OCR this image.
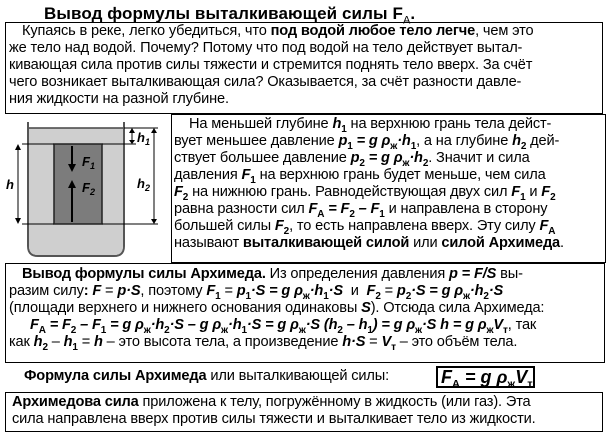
Вывод формулы выталкивающей силы $F_A$.
Купаясь в реке, легко убедиться, что под водой любое тело легче, чем это
же тело над водой. Почему? Потому что под водой на тело действует вытал-
кивающая сила против силы тяжести и стремится поднять тело вверх. За счёт
чего возникает выталкивающая сила? Оказывается, за счёт разности давле-
ния жидкости на разной глубине.
$F_1$
$F_2$
h
$h_1$
$h_2$
На меньшей глубине $h_1$ на верхнюю грань тела дейст-
вует меньшее давление $p_1 = g$ $\rho_ж\cdot h_1$, а на глубине $h_2$ дей-
ствует большее давление $p_2 = g$ $\rho_ж\cdot h_2$. Значит и сила
давления $F_1$ на верхнюю грань будет меньше, чем сила
$F_2$ на нижнюю грань. Равнодействующая двух сил $F_1$ и $F_2$
равна разности сил $F_А = F_2 - F_1$ и направлена в сторону
большей силы $F_2$, то есть направлена вверх. Эту силу $F_А$
называют выталкивающей силой или силой Архимеда.
Вывод формулы силы Архимеда. Из определения давления p = F/S вы-
разим силу: F = p·S, поэтому $F_1 = p_1\cdot S = g$ $\rho_ж\cdot h_1\cdot S$  и  $F_2 = p_2\cdot S = g$ $\rho_ж\cdot h_2\cdot S$
(площади верхнего и нижнего основания одинаковы S). Отсюда сила Архимеда:
$F_А = F_2 - F_1 = g$ $\rho_ж\cdot h_2\cdot S - g$ $\rho_ж\cdot h_1\cdot S = g$ $\rho_ж\cdot S$ $(h_2 - h_1) = g$ $\rho_ж\cdot S$ h = g $\rho_жV_т$, так
как $h_2 - h_1 = h$ – это высота тела, а произведение $h\cdot S = V_т$ – это объём тела.
Формула силы Архимеда или выталкивающей силы:	$F_А = g$ $\rho_жV_т$
Архимедова сила приложена к телу, погружённому в жидкость (или газ). Эта
сила направлена вверх против силы тяжести и выталкивает тело из жидкости.
